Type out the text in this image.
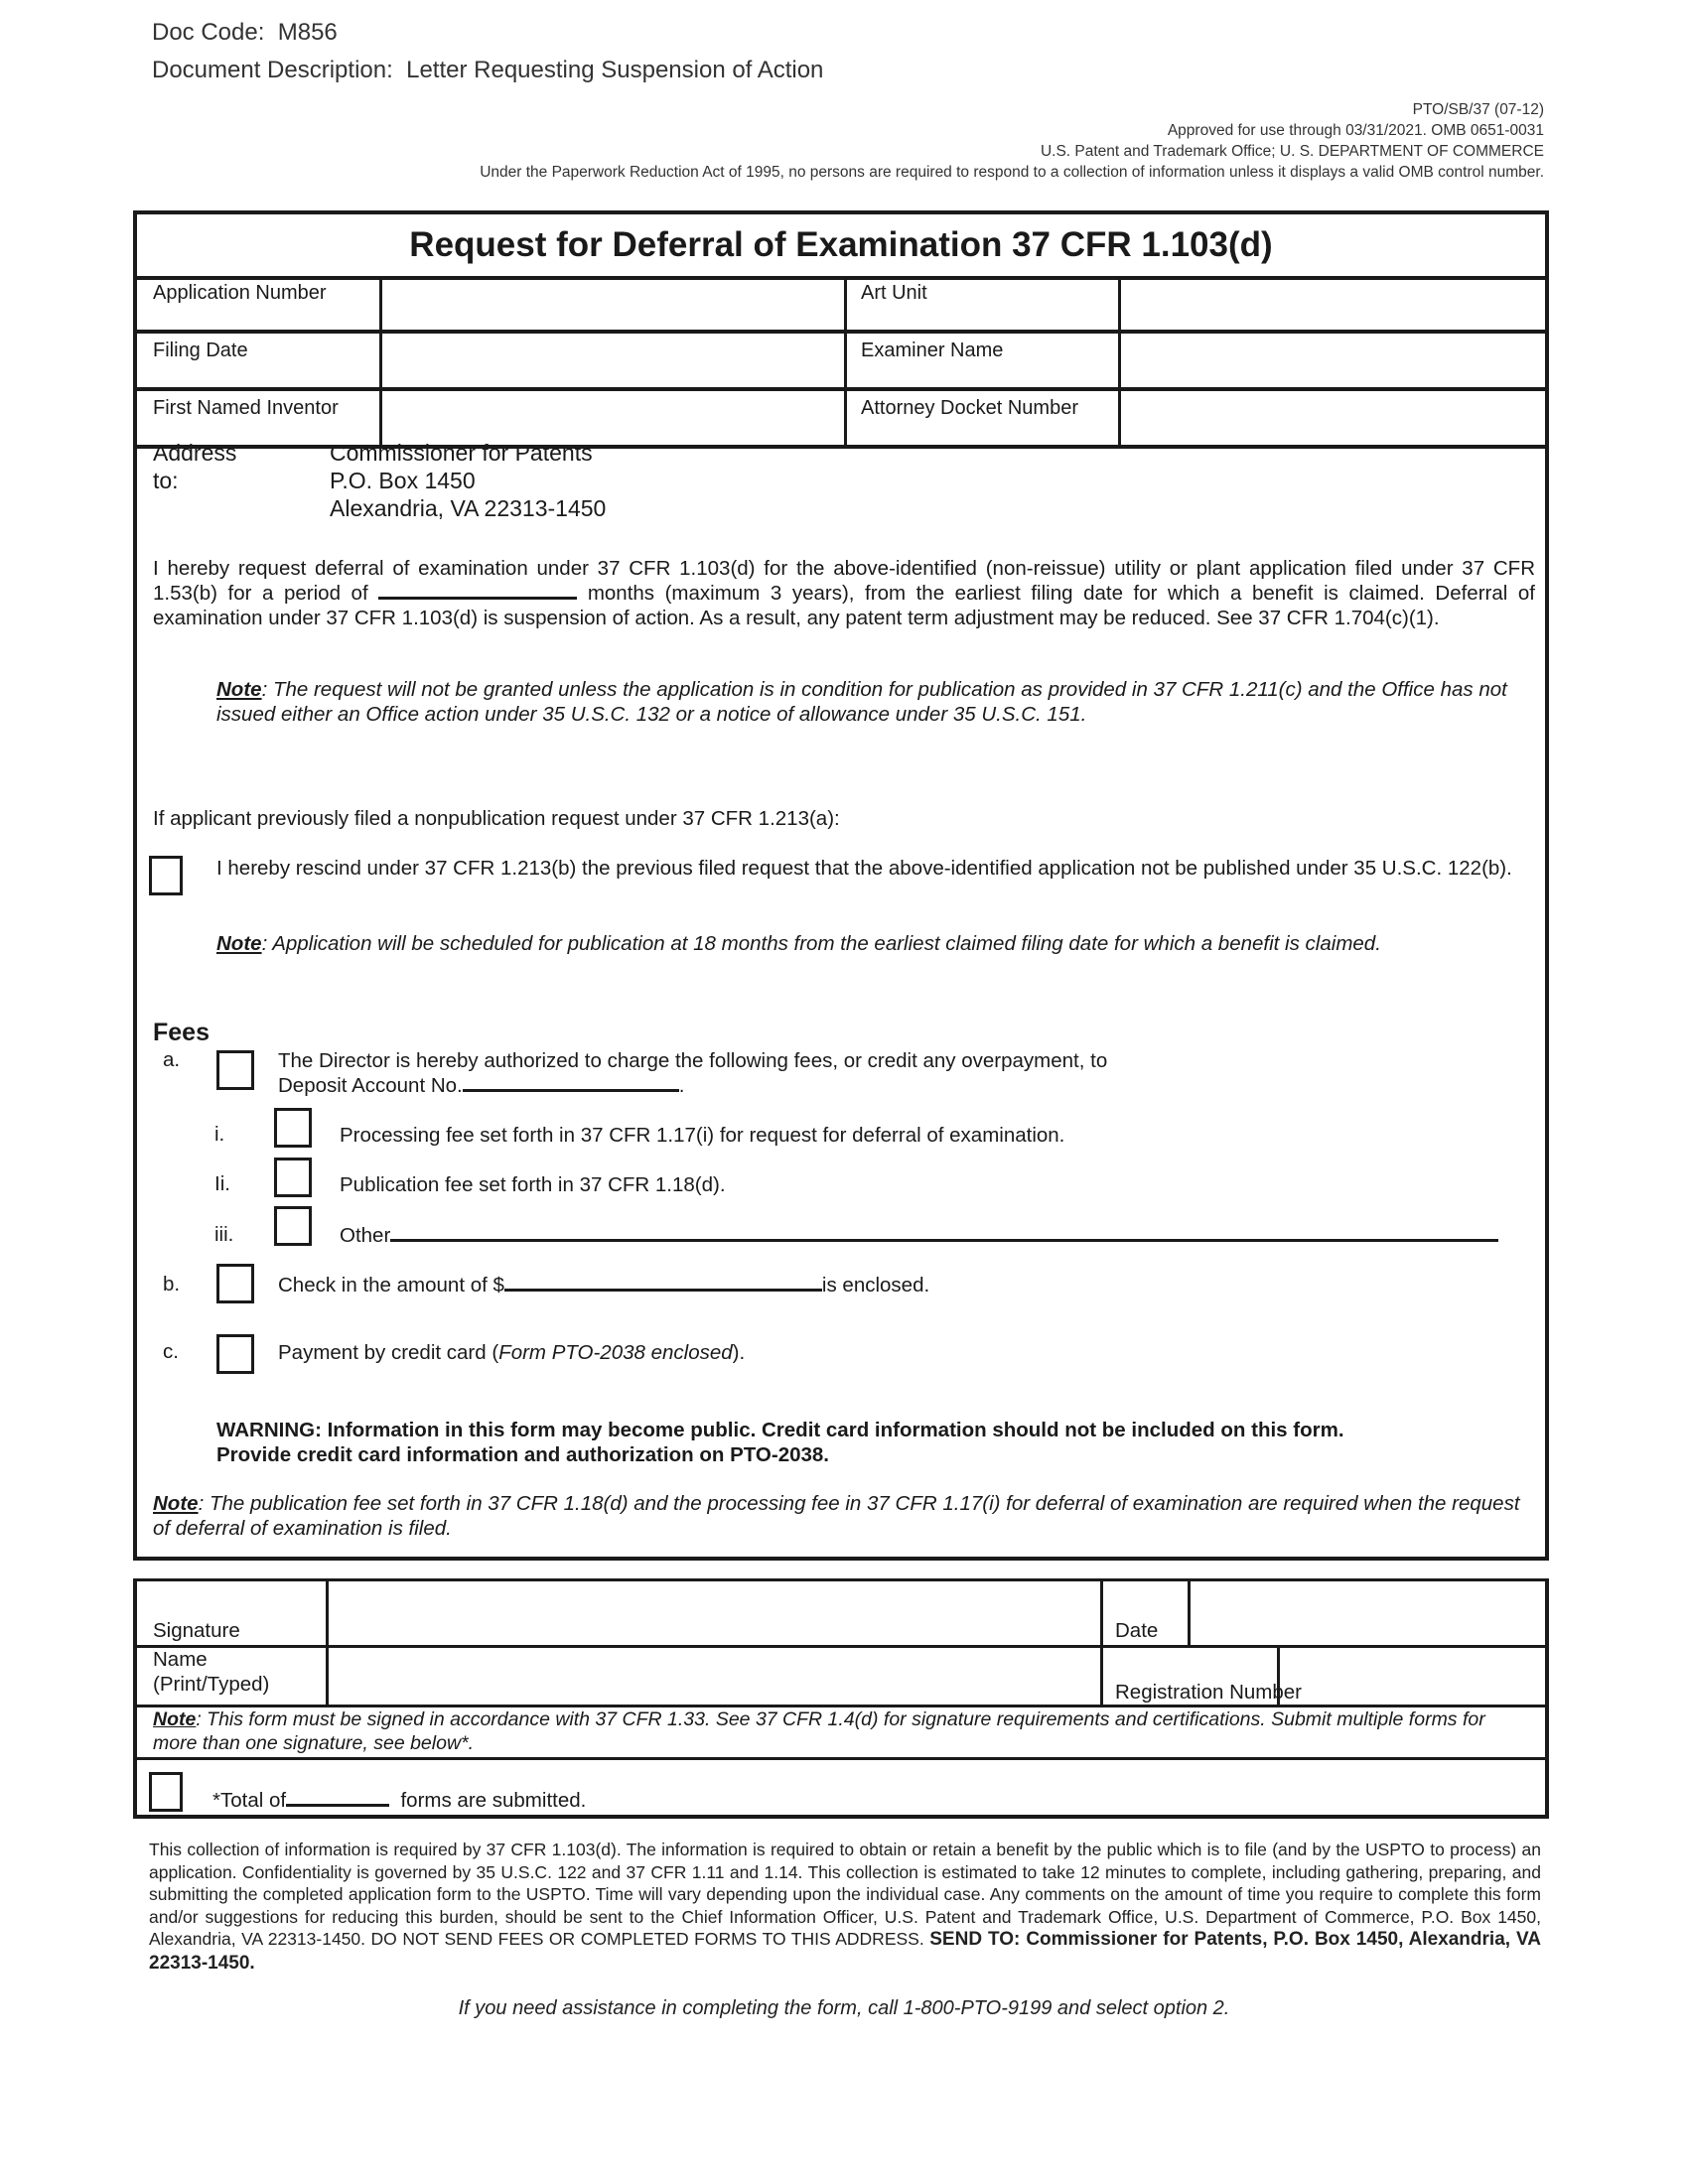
Doc Code: M856
Document Description: Letter Requesting Suspension of Action
PTO/SB/37 (07-12)
Approved for use through 03/31/2021. OMB 0651-0031
U.S. Patent and Trademark Office; U. S. DEPARTMENT OF COMMERCE
Under the Paperwork Reduction Act of 1995, no persons are required to respond to a collection of information unless it displays a valid OMB control number.
Request for Deferral of Examination 37 CFR 1.103(d)
Application Number	Art Unit
Filing Date	Examiner Name
First Named Inventor	Attorney Docket Number
Address to:
Commissioner for Patents
P.O. Box 1450
Alexandria, VA 22313-1450
I hereby request deferral of examination under 37 CFR 1.103(d) for the above-identified (non-reissue) utility or plant application filed under 37 CFR 1.53(b) for a period of	months (maximum 3 years), from the earliest filing date for which a benefit is claimed. Deferral of examination under 37 CFR 1.103(d) is suspension of action. As a result, any patent term adjustment may be reduced. See 37 CFR 1.704(c)(1).
Note: The request will not be granted unless the application is in condition for publication as provided in 37 CFR 1.211(c) and the Office has not issued either an Office action under 35 U.S.C. 132 or a notice of allowance under 35 U.S.C. 151.
If applicant previously filed a nonpublication request under 37 CFR 1.213(a):
I hereby rescind under 37 CFR 1.213(b) the previous filed request that the above-identified application not be published under 35 U.S.C. 122(b).
Note: Application will be scheduled for publication at 18 months from the earliest claimed filing date for which a benefit is claimed.
Fees
a.	The Director is hereby authorized to charge the following fees, or credit any overpayment, to
Deposit Account No.	.
i.	Processing fee set forth in 37 CFR 1.17(i) for request for deferral of examination.
Ii.	Publication fee set forth in 37 CFR 1.18(d).
iii.	Other
b.	Check in the amount of $	is enclosed.
c.	Payment by credit card (Form PTO-2038 enclosed).
WARNING: Information in this form may become public. Credit card information should not be included on this form.
Provide credit card information and authorization on PTO-2038.
Note: The publication fee set forth in 37 CFR 1.18(d) and the processing fee in 37 CFR 1.17(i) for deferral of examination are required when the request of deferral of examination is filed.
Signature	Date
Name
(Print/Typed)	Registration Number
Note: This form must be signed in accordance with 37 CFR 1.33. See 37 CFR 1.4(d) for signature requirements and certifications. Submit multiple forms for more than one signature, see below*.
*Total of	forms are submitted.
This collection of information is required by 37 CFR 1.103(d). The information is required to obtain or retain a benefit by the public which is to file (and by the USPTO to process) an application. Confidentiality is governed by 35 U.S.C. 122 and 37 CFR 1.11 and 1.14. This collection is estimated to take 12 minutes to complete, including gathering, preparing, and submitting the completed application form to the USPTO. Time will vary depending upon the individual case. Any comments on the amount of time you require to complete this form and/or suggestions for reducing this burden, should be sent to the Chief Information Officer, U.S. Patent and Trademark Office, U.S. Department of Commerce, P.O. Box 1450, Alexandria, VA 22313-1450. DO NOT SEND FEES OR COMPLETED FORMS TO THIS ADDRESS. SEND TO: Commissioner for Patents, P.O. Box 1450, Alexandria, VA 22313-1450.
If you need assistance in completing the form, call 1-800-PTO-9199 and select option 2.
